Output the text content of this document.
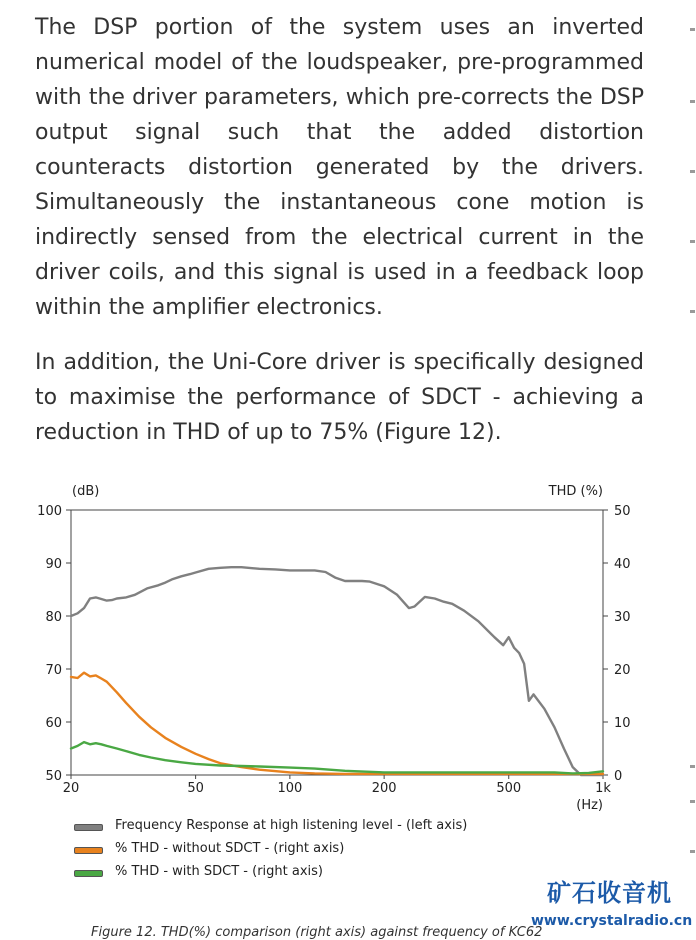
The DSP portion of the system uses an inverted numerical model of the loudspeaker, pre-programmed with the driver parameters, which pre-corrects the DSP output signal such that the added distortion counteracts distortion generated by the drivers. Simultaneously the instantaneous cone motion is indirectly sensed from the electrical current in the driver coils, and this signal is used in a feedback loop within the amplifier electronics.

In addition, the Uni-Core driver is specifically designed to maximise the performance of SDCT - achieving a reduction in THD of up to 75% (Figure 12).

100
90
80
70
60
50
50
40
30
20
10
0
20	50	100	200	500	1k
(dB)	THD (%)
(Hz)
Frequency Response at high listening level - (left axis)
% THD - without SDCT - (right axis)
% THD - with SDCT - (right axis)
矿石收音机
www.crystalradio.cn
Figure 12. THD(%) comparison (right axis) against frequency of KC62
